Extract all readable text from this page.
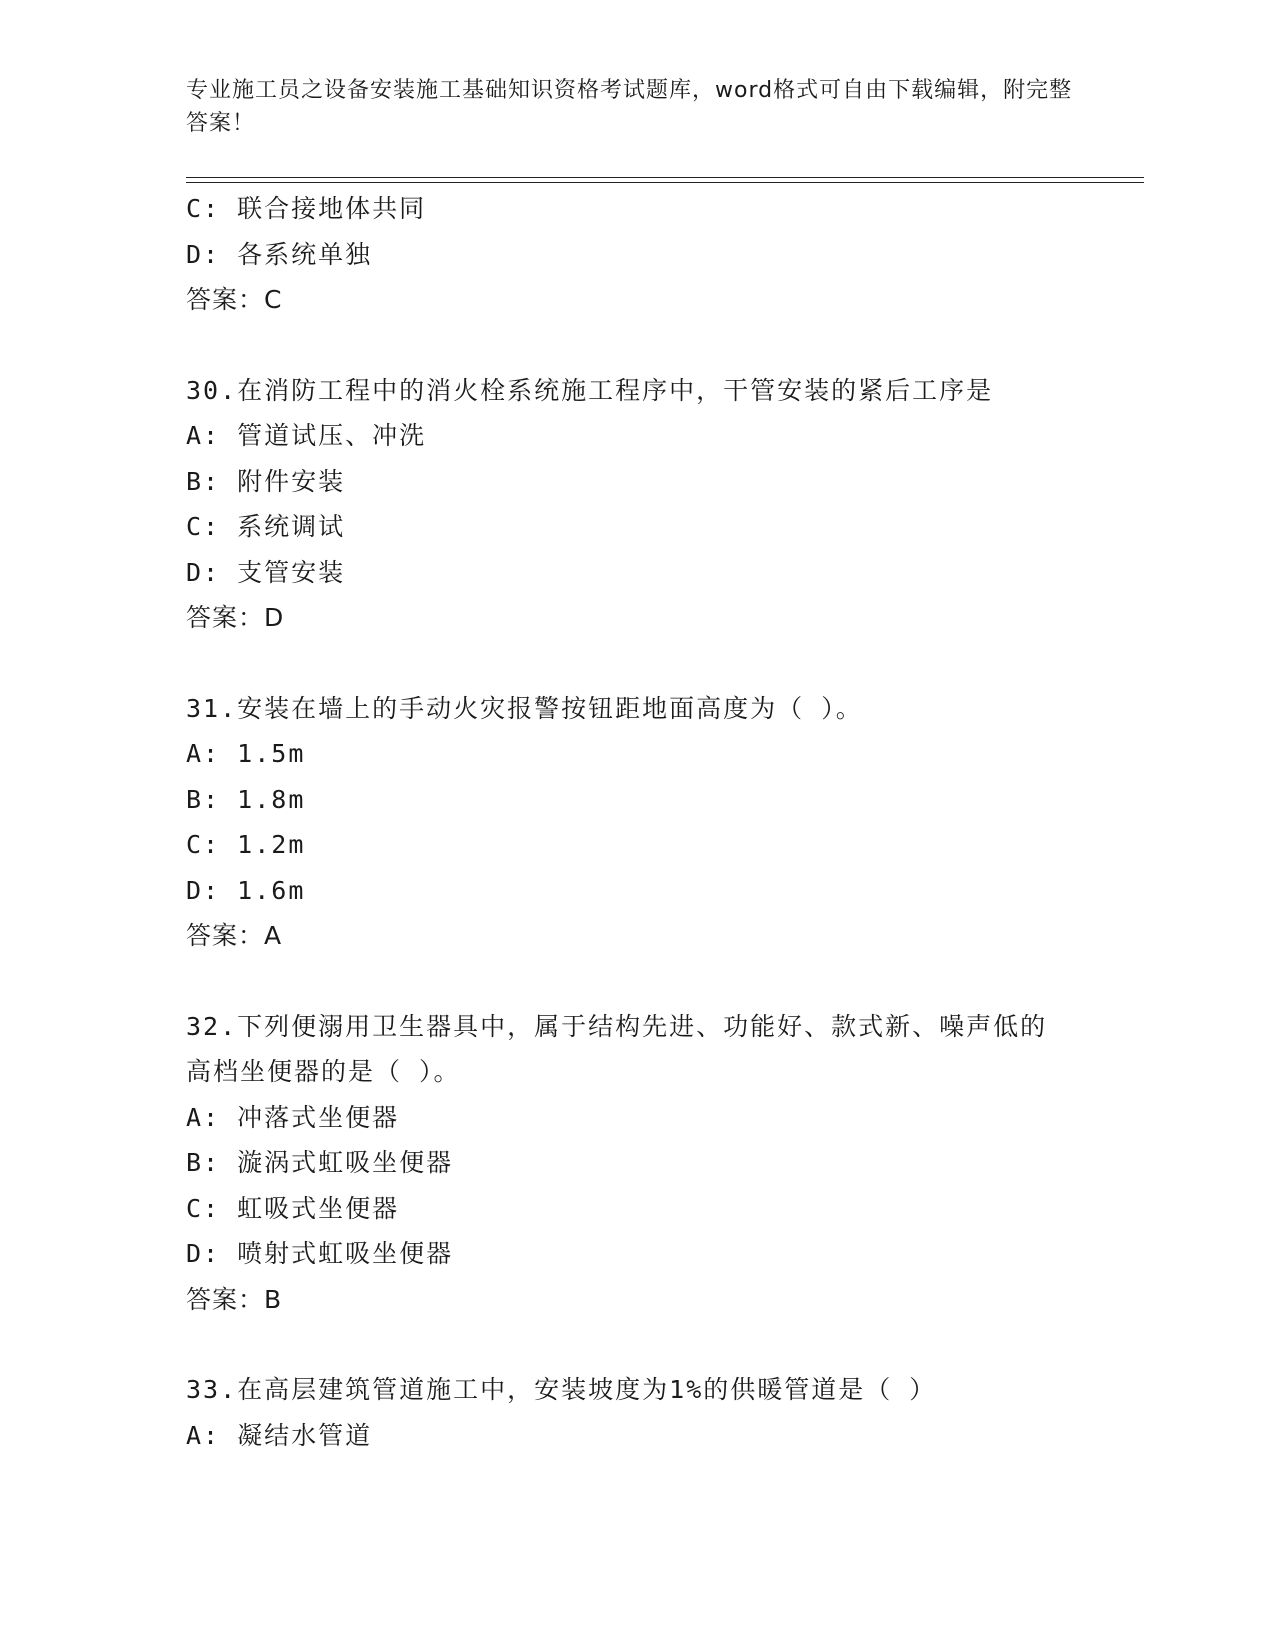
专业施工员之设备安装施工基础知识资格考试题库，word格式可自由下载编辑，附完整答案！
C: 联合接地体共同
D: 各系统单独
答案：C
30.在消防工程中的消火栓系统施工程序中，干管安装的紧后工序是
A: 管道试压、冲洗
B: 附件安装
C: 系统调试
D: 支管安装
答案：D
31.安装在墙上的手动火灾报警按钮距地面高度为（ ）。
A: 1.5m
B: 1.8m
C: 1.2m
D: 1.6m
答案：A
32.下列便溺用卫生器具中，属于结构先进、功能好、款式新、噪声低的高档坐便器的是（ ）。
A: 冲落式坐便器
B: 漩涡式虹吸坐便器
C: 虹吸式坐便器
D: 喷射式虹吸坐便器
答案：B
33.在高层建筑管道施工中，安装坡度为1%的供暖管道是（ ）
A: 凝结水管道
